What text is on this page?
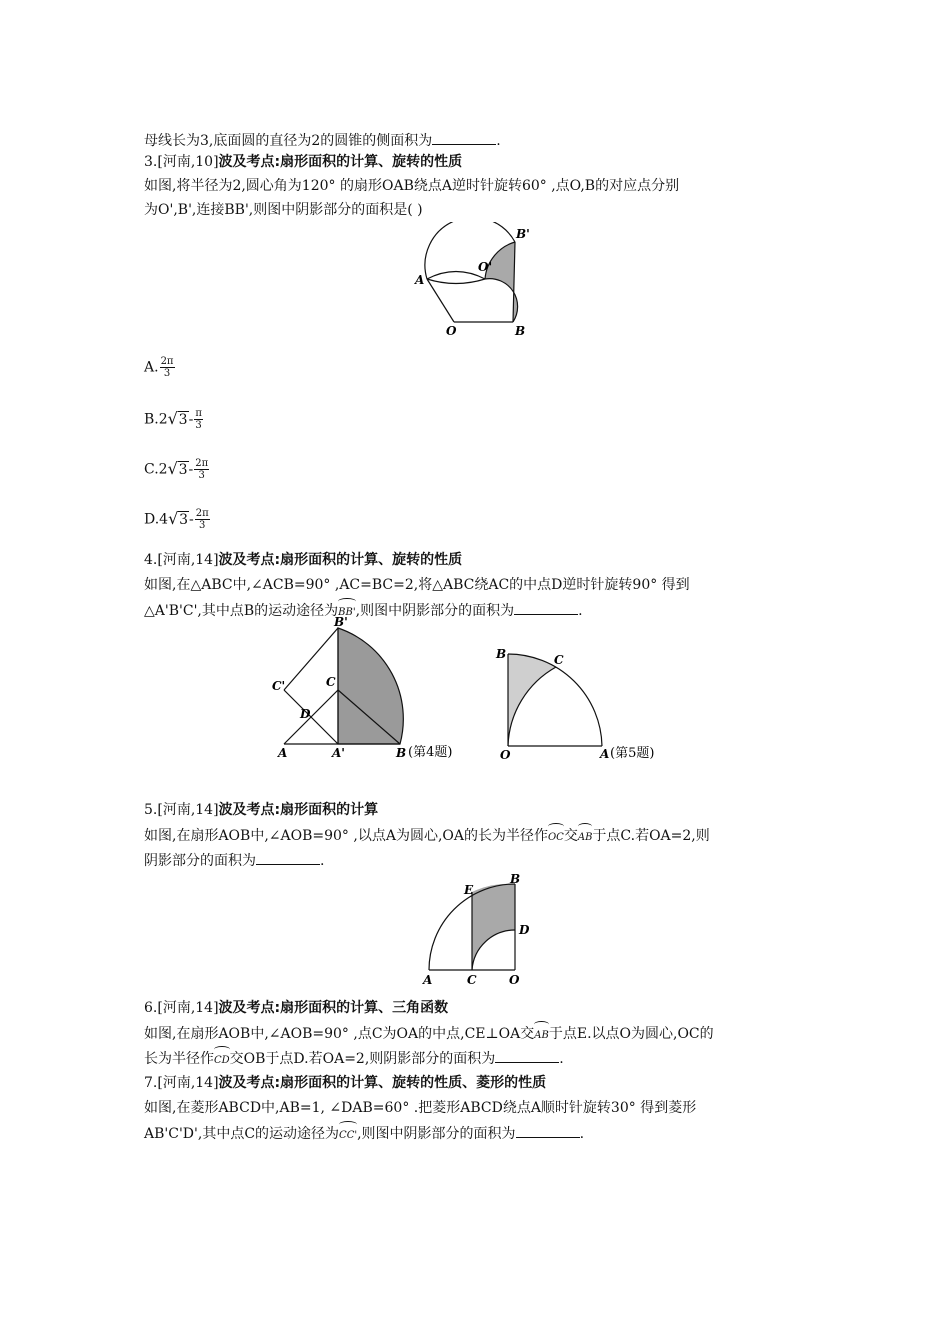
母线长为3,底面圆的直径为2的圆锥的侧面积为	.
3.[河南,10]波及考点:扇形面积的计算、旋转的性质
如图,将半径为2,圆心角为120° 的扇形OAB绕点A逆时针旋转60° ,点O,B的对应点分别
为O',B',连接BB',则图中阴影部分的面积是( )
B'
O'
A
O	B
A. $\frac{2\pi}{3}$
B.2 √ $3- \frac{\pi}{3}$
C.2 √ $3- \frac{2\pi}{3}$
D.4 √ $3- \frac{2\pi}{3}$
4.[河南,14]波及考点:扇形面积的计算、旋转的性质
如图,在△ABC中,∠ACB=90° ,AC=BC=2,将△ABC绕AC的中点D逆时针旋转90° 得到
△A'B'C',其中点B的运动途径为BB',则图中阴影部分的面积为	.
B'
C'	C
D
A	A'	B (第4题)
B	C
O	A (第5题)
5.[河南,14]波及考点:扇形面积的计算
如图,在扇形AOB中,∠AOB=90° ,以点A为圆心,OA的长为半径作OC交AB于点C.若OA=2,则
阴影部分的面积为	.
E
B
D
A	C	O
6.[河南,14]波及考点:扇形面积的计算、三角函数
如图,在扇形AOB中,∠AOB=90° ,点C为OA的中点,CE⊥OA交AB于点E.以点O为圆心,OC的
长为半径作CD交OB于点D.若OA=2,则阴影部分的面积为	.
7.[河南,14]波及考点:扇形面积的计算、旋转的性质、菱形的性质
如图,在菱形ABCD中,AB=1, ∠DAB=60° .把菱形ABCD绕点A顺时针旋转30° 得到菱形
AB'C'D',其中点C的运动途径为CC',则图中阴影部分的面积为	.
